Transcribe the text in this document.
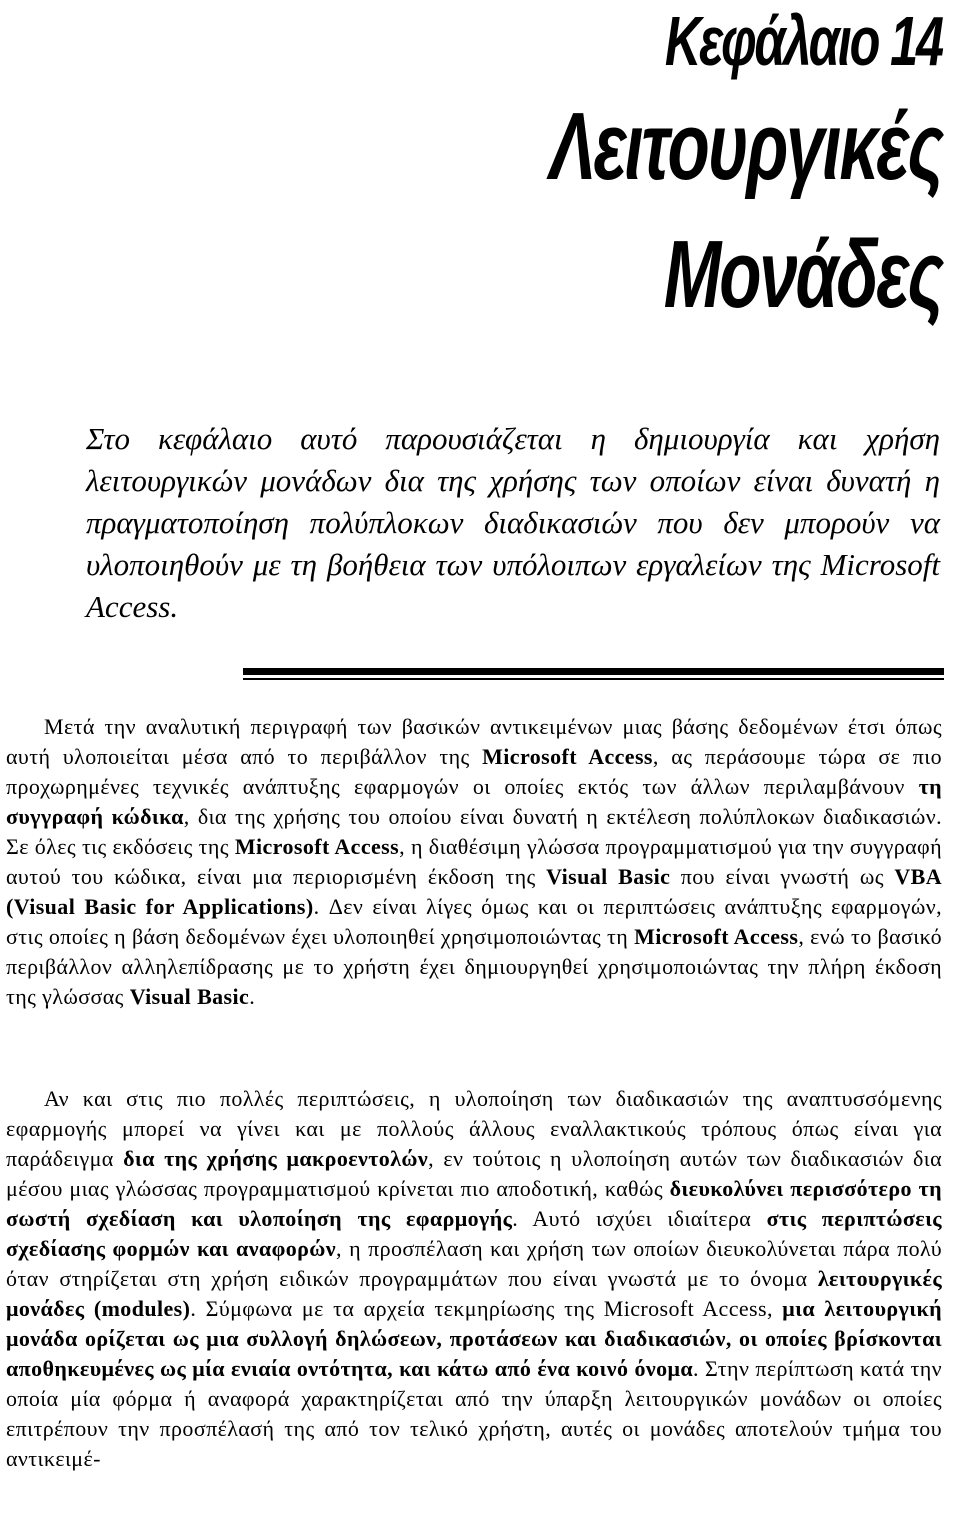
Κεφάλαιο 14
Λειτουργικές
Μονάδες

Στο κεφάλαιο αυτό παρουσιάζεται η δημιουργία και χρήση λειτουργικών μονάδων δια της χρήσης των οποίων είναι δυνατή η πραγματοποίηση πολύπλοκων διαδικασιών που δεν μπορούν να υλοποιηθούν με τη βοήθεια των υπόλοιπων εργαλείων της Microsoft Access.

Μετά την αναλυτική περιγραφή των βασικών αντικειμένων μιας βάσης δεδομένων έτσι όπως αυτή υλοποιείται μέσα από το περιβάλλον της Microsoft Access, ας περάσουμε τώρα σε πιο προχωρημένες τεχνικές ανάπτυξης εφαρμογών οι οποίες εκτός των άλλων περιλαμβάνουν τη συγγραφή κώδικα, δια της χρήσης του οποίου είναι δυνατή η εκτέλεση πολύπλοκων διαδικασιών. Σε όλες τις εκδόσεις της Microsoft Access, η διαθέσιμη γλώσσα προγραμματισμού για την συγγραφή αυτού του κώδικα, είναι μια περιορισμένη έκδοση της Visual Basic που είναι γνωστή ως VBA (Visual Basic for Applications). Δεν είναι λίγες όμως και οι περιπτώσεις ανάπτυξης εφαρμογών, στις οποίες η βάση δεδομένων έχει υλοποιηθεί χρησιμοποιώντας τη Microsoft Access, ενώ το βασικό περιβάλλον αλληλεπίδρασης με το χρήστη έχει δημιουργηθεί χρησιμοποιώντας την πλήρη έκδοση της γλώσσας Visual Basic.

Αν και στις πιο πολλές περιπτώσεις, η υλοποίηση των διαδικασιών της αναπτυσσόμενης εφαρμογής μπορεί να γίνει και με πολλούς άλλους εναλλακτικούς τρόπους όπως είναι για παράδειγμα δια της χρήσης μακροεντολών, εν τούτοις η υλοποίηση αυτών των διαδικασιών δια μέσου μιας γλώσσας προγραμματισμού κρίνεται πιο αποδοτική, καθώς διευκολύνει περισσότερο τη σωστή σχεδίαση και υλοποίηση της εφαρμογής. Αυτό ισχύει ιδιαίτερα στις περιπτώσεις σχεδίασης φορμών και αναφορών, η προσπέλαση και χρήση των οποίων διευκολύνεται πάρα πολύ όταν στηρίζεται στη χρήση ειδικών προγραμμάτων που είναι γνωστά με το όνομα λειτουργικές μονάδες (modules). Σύμφωνα με τα αρχεία τεκμηρίωσης της Microsoft Access, μια λειτουργική μονάδα ορίζεται ως μια συλλογή δηλώσεων, προτάσεων και διαδικασιών, οι οποίες βρίσκονται αποθηκευμένες ως μία ενιαία οντότητα, και κάτω από ένα κοινό όνομα. Στην περίπτωση κατά την οποία μία φόρμα ή αναφορά χαρακτηρίζεται από την ύπαρξη λειτουργικών μονάδων οι οποίες επιτρέπουν την προσπέλασή της από τον τελικό χρήστη, αυτές οι μονάδες αποτελούν τμήμα του αντικειμέ-
